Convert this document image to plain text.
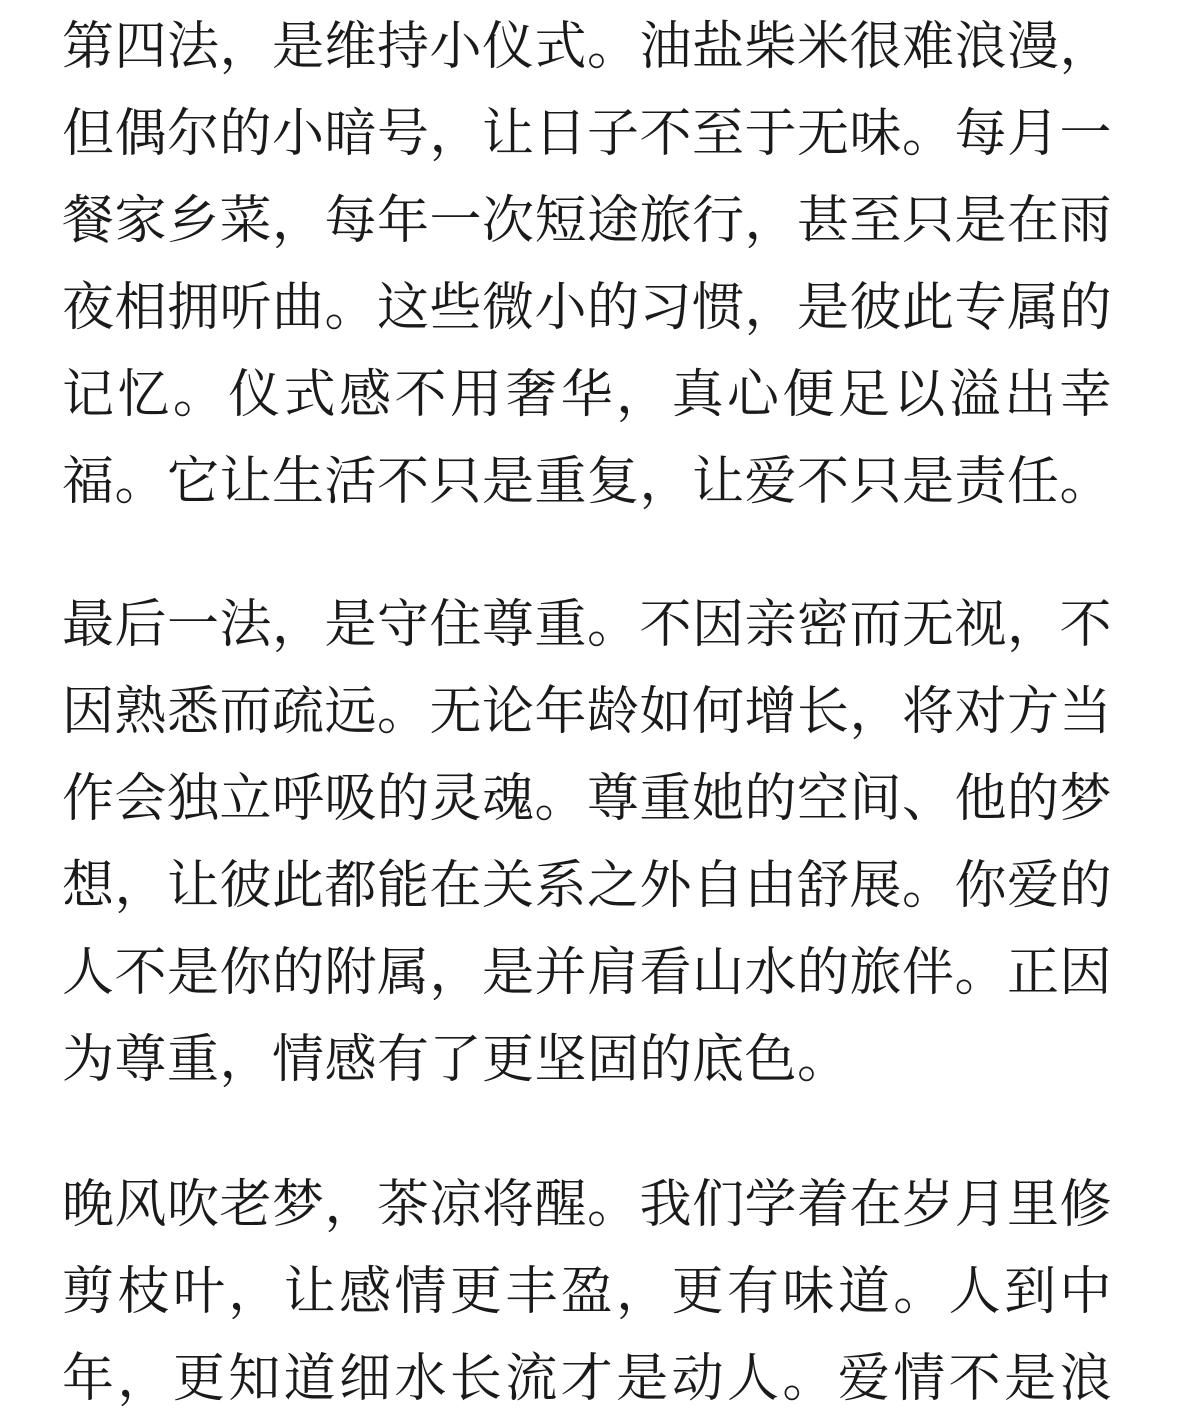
第四法，是维持小仪式。油盐柴米很难浪漫，
但偶尔的小暗号，让日子不至于无味。每月一
餐家乡菜，每年一次短途旅行，甚至只是在雨
夜相拥听曲。这些微小的习惯，是彼此专属的
记忆。仪式感不用奢华，真心便足以溢出幸
福。它让生活不只是重复，让爱不只是责任。
最后一法，是守住尊重。不因亲密而无视，不
因熟悉而疏远。无论年龄如何增长，将对方当
作会独立呼吸的灵魂。尊重她的空间、他的梦
想，让彼此都能在关系之外自由舒展。你爱的
人不是你的附属，是并肩看山水的旅伴。正因
为尊重，情感有了更坚固的底色。
晚风吹老梦，茶凉将醒。我们学着在岁月里修
剪枝叶，让感情更丰盈，更有味道。人到中
年，更知道细水长流才是动人。爱情不是浪
